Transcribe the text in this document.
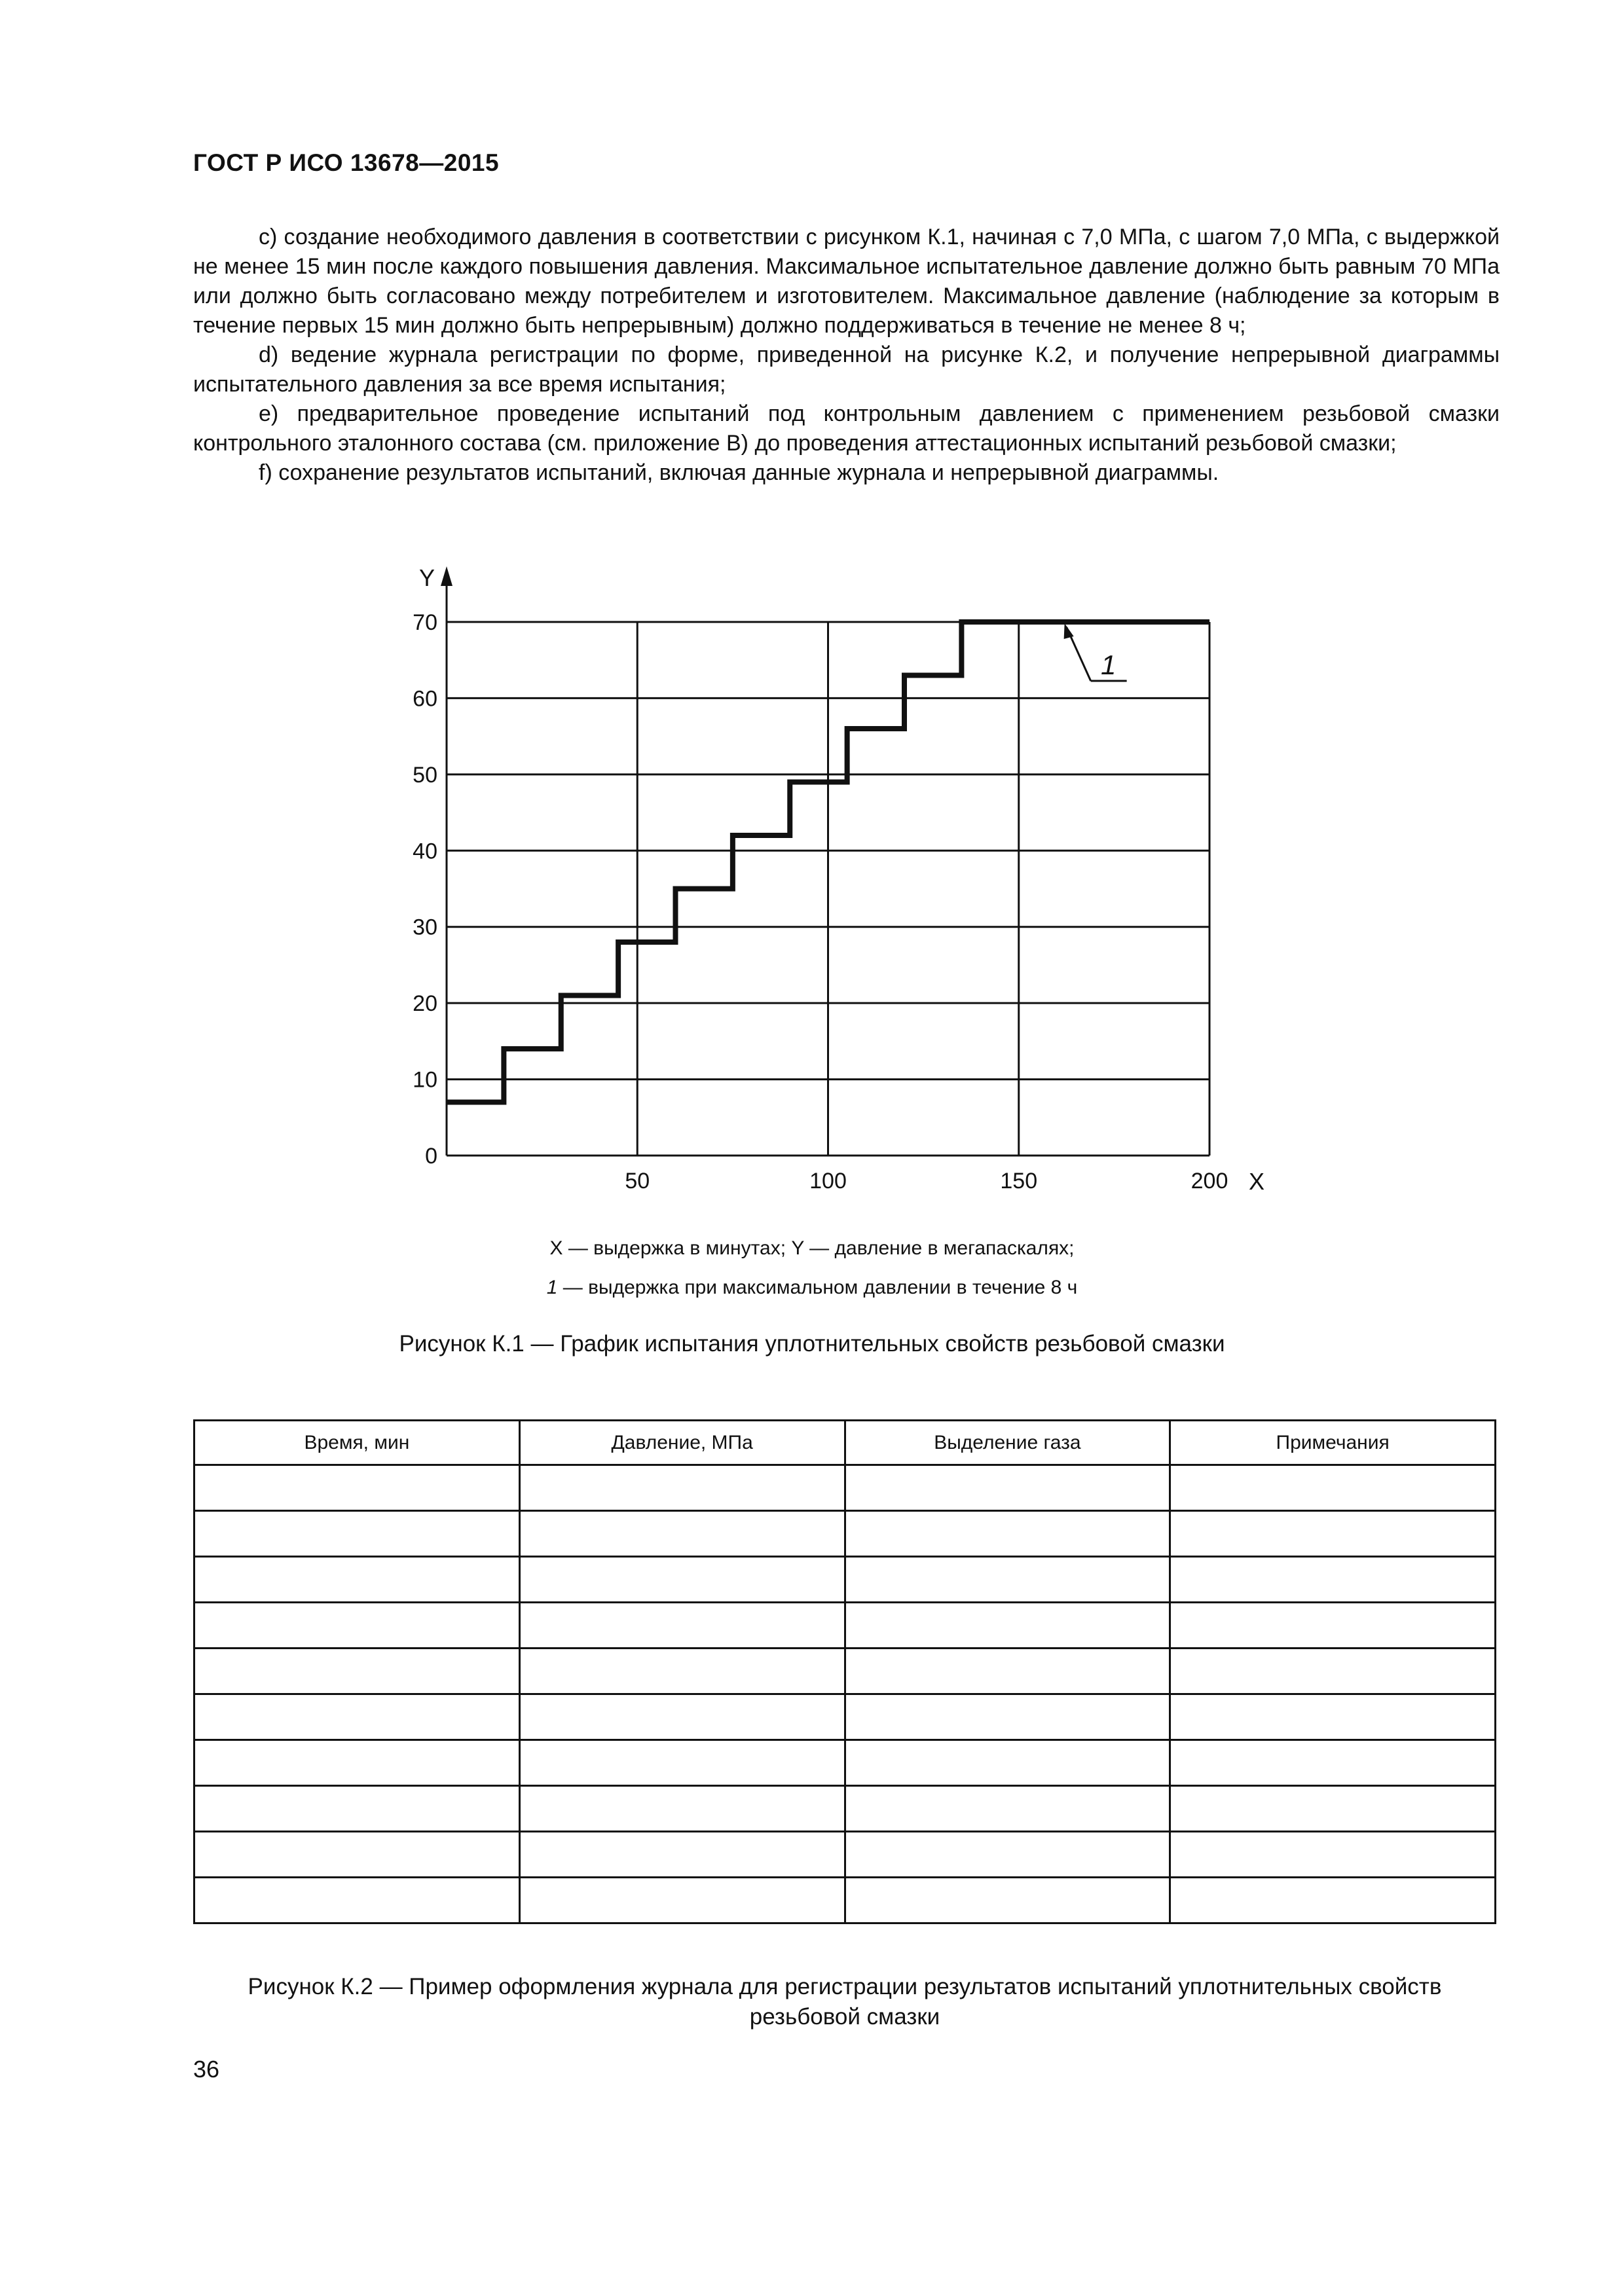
ГОСТ Р ИСО 13678—2015

c) создание необходимого давления в соответствии с рисунком К.1, начиная с 7,0 МПа, с шагом 7,0 МПа, с выдержкой не менее 15 мин после каждого повышения давления. Максимальное испытательное давление должно быть равным 70 МПа или должно быть согласовано между потребителем и изготовителем. Максимальное давление (наблюдение за которым в течение первых 15 мин должно быть непрерывным) должно поддерживаться в течение не менее 8 ч;

d) ведение журнала регистрации по форме, приведенной на рисунке К.2, и получение непрерывной диаграммы испытательного давления за все время испытания;

e) предварительное проведение испытаний под контрольным давлением с применением резьбовой смазки контрольного эталонного состава (см. приложение В) до проведения аттестационных испытаний резьбовой смазки;

f) сохранение результатов испытаний, включая данные журнала и непрерывной диаграммы.

10
20
30
40
50
60
70
50	100	150	200
0
Y
X
1
X — выдержка в минутах; Y — давление в мегапаскалях;
1 — выдержка при максимальном давлении в течение 8 ч
Рисунок К.1 — График испытания уплотнительных свойств резьбовой смазки
Время, мин	Давление, МПа	Выделение газа	Примечания

Рисунок К.2 — Пример оформления журнала для регистрации результатов испытаний уплотнительных свойств резьбовой смазки
36
